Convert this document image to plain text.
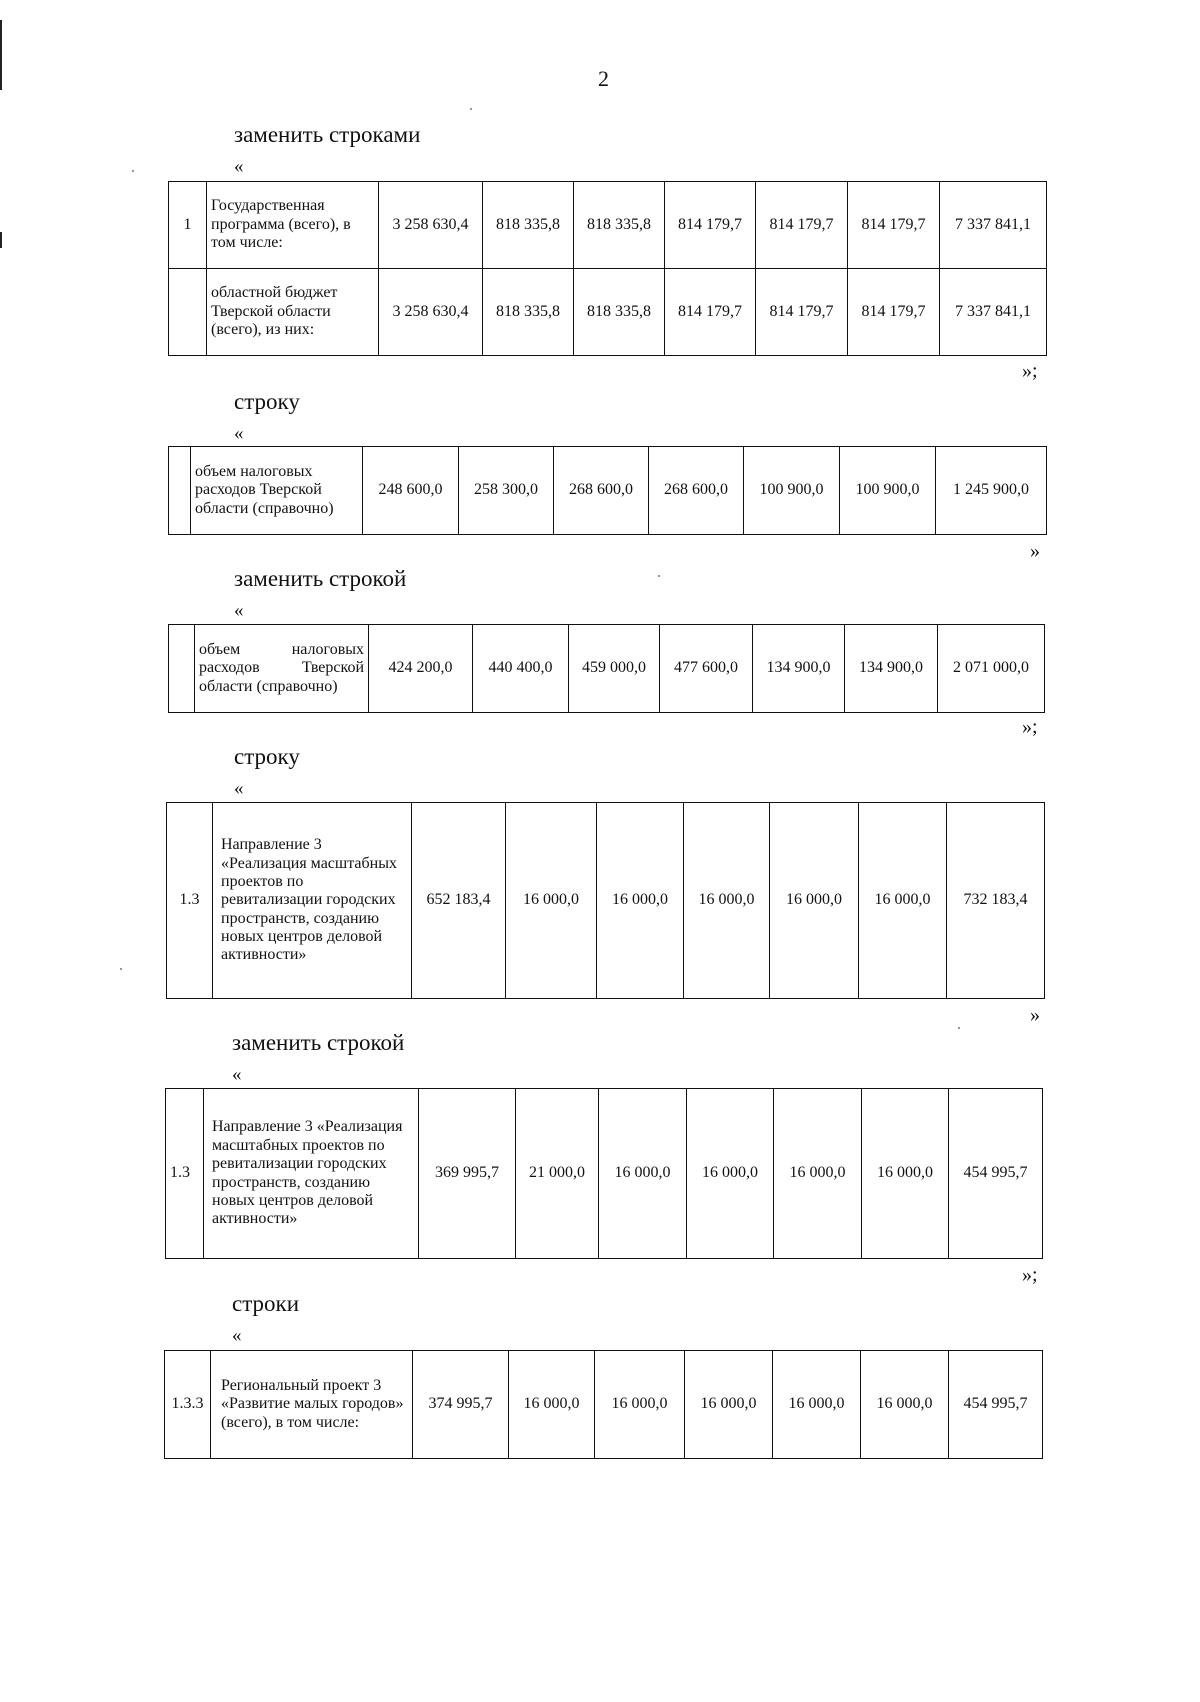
2
заменить строками
«
1	Государственная программа (всего), в том числе:	3 258 630,4	818 335,8	818 335,8	814 179,7	814 179,7	814 179,7	7 337 841,1
	областной бюджет Тверской области (всего), из них:	3 258 630,4	818 335,8	818 335,8	814 179,7	814 179,7	814 179,7	7 337 841,1
»;
строку
«
	объем налоговых расходов Тверской области (справочно)	248 600,0	258 300,0	268 600,0	268 600,0	100 900,0	100 900,0	1 245 900,0
»
заменить строкой
«
	объем налоговых расходов Тверской области (справочно)	424 200,0	440 400,0	459 000,0	477 600,0	134 900,0	134 900,0	2 071 000,0
»;
строку
«
1.3	Направление 3 «Реализация масштабных проектов по ревитализации городских пространств, созданию новых центров деловой активности»	652 183,4	16 000,0	16 000,0	16 000,0	16 000,0	16 000,0	732 183,4
»
заменить строкой
«
1.3	Направление 3 «Реализация масштабных проектов по ревитализации городских пространств, созданию новых центров деловой активности»	369 995,7	21 000,0	16 000,0	16 000,0	16 000,0	16 000,0	454 995,7
»;
строки
«
1.3.3	Региональный проект 3 «Развитие малых городов» (всего), в том числе:	374 995,7	16 000,0	16 000,0	16 000,0	16 000,0	16 000,0	454 995,7
